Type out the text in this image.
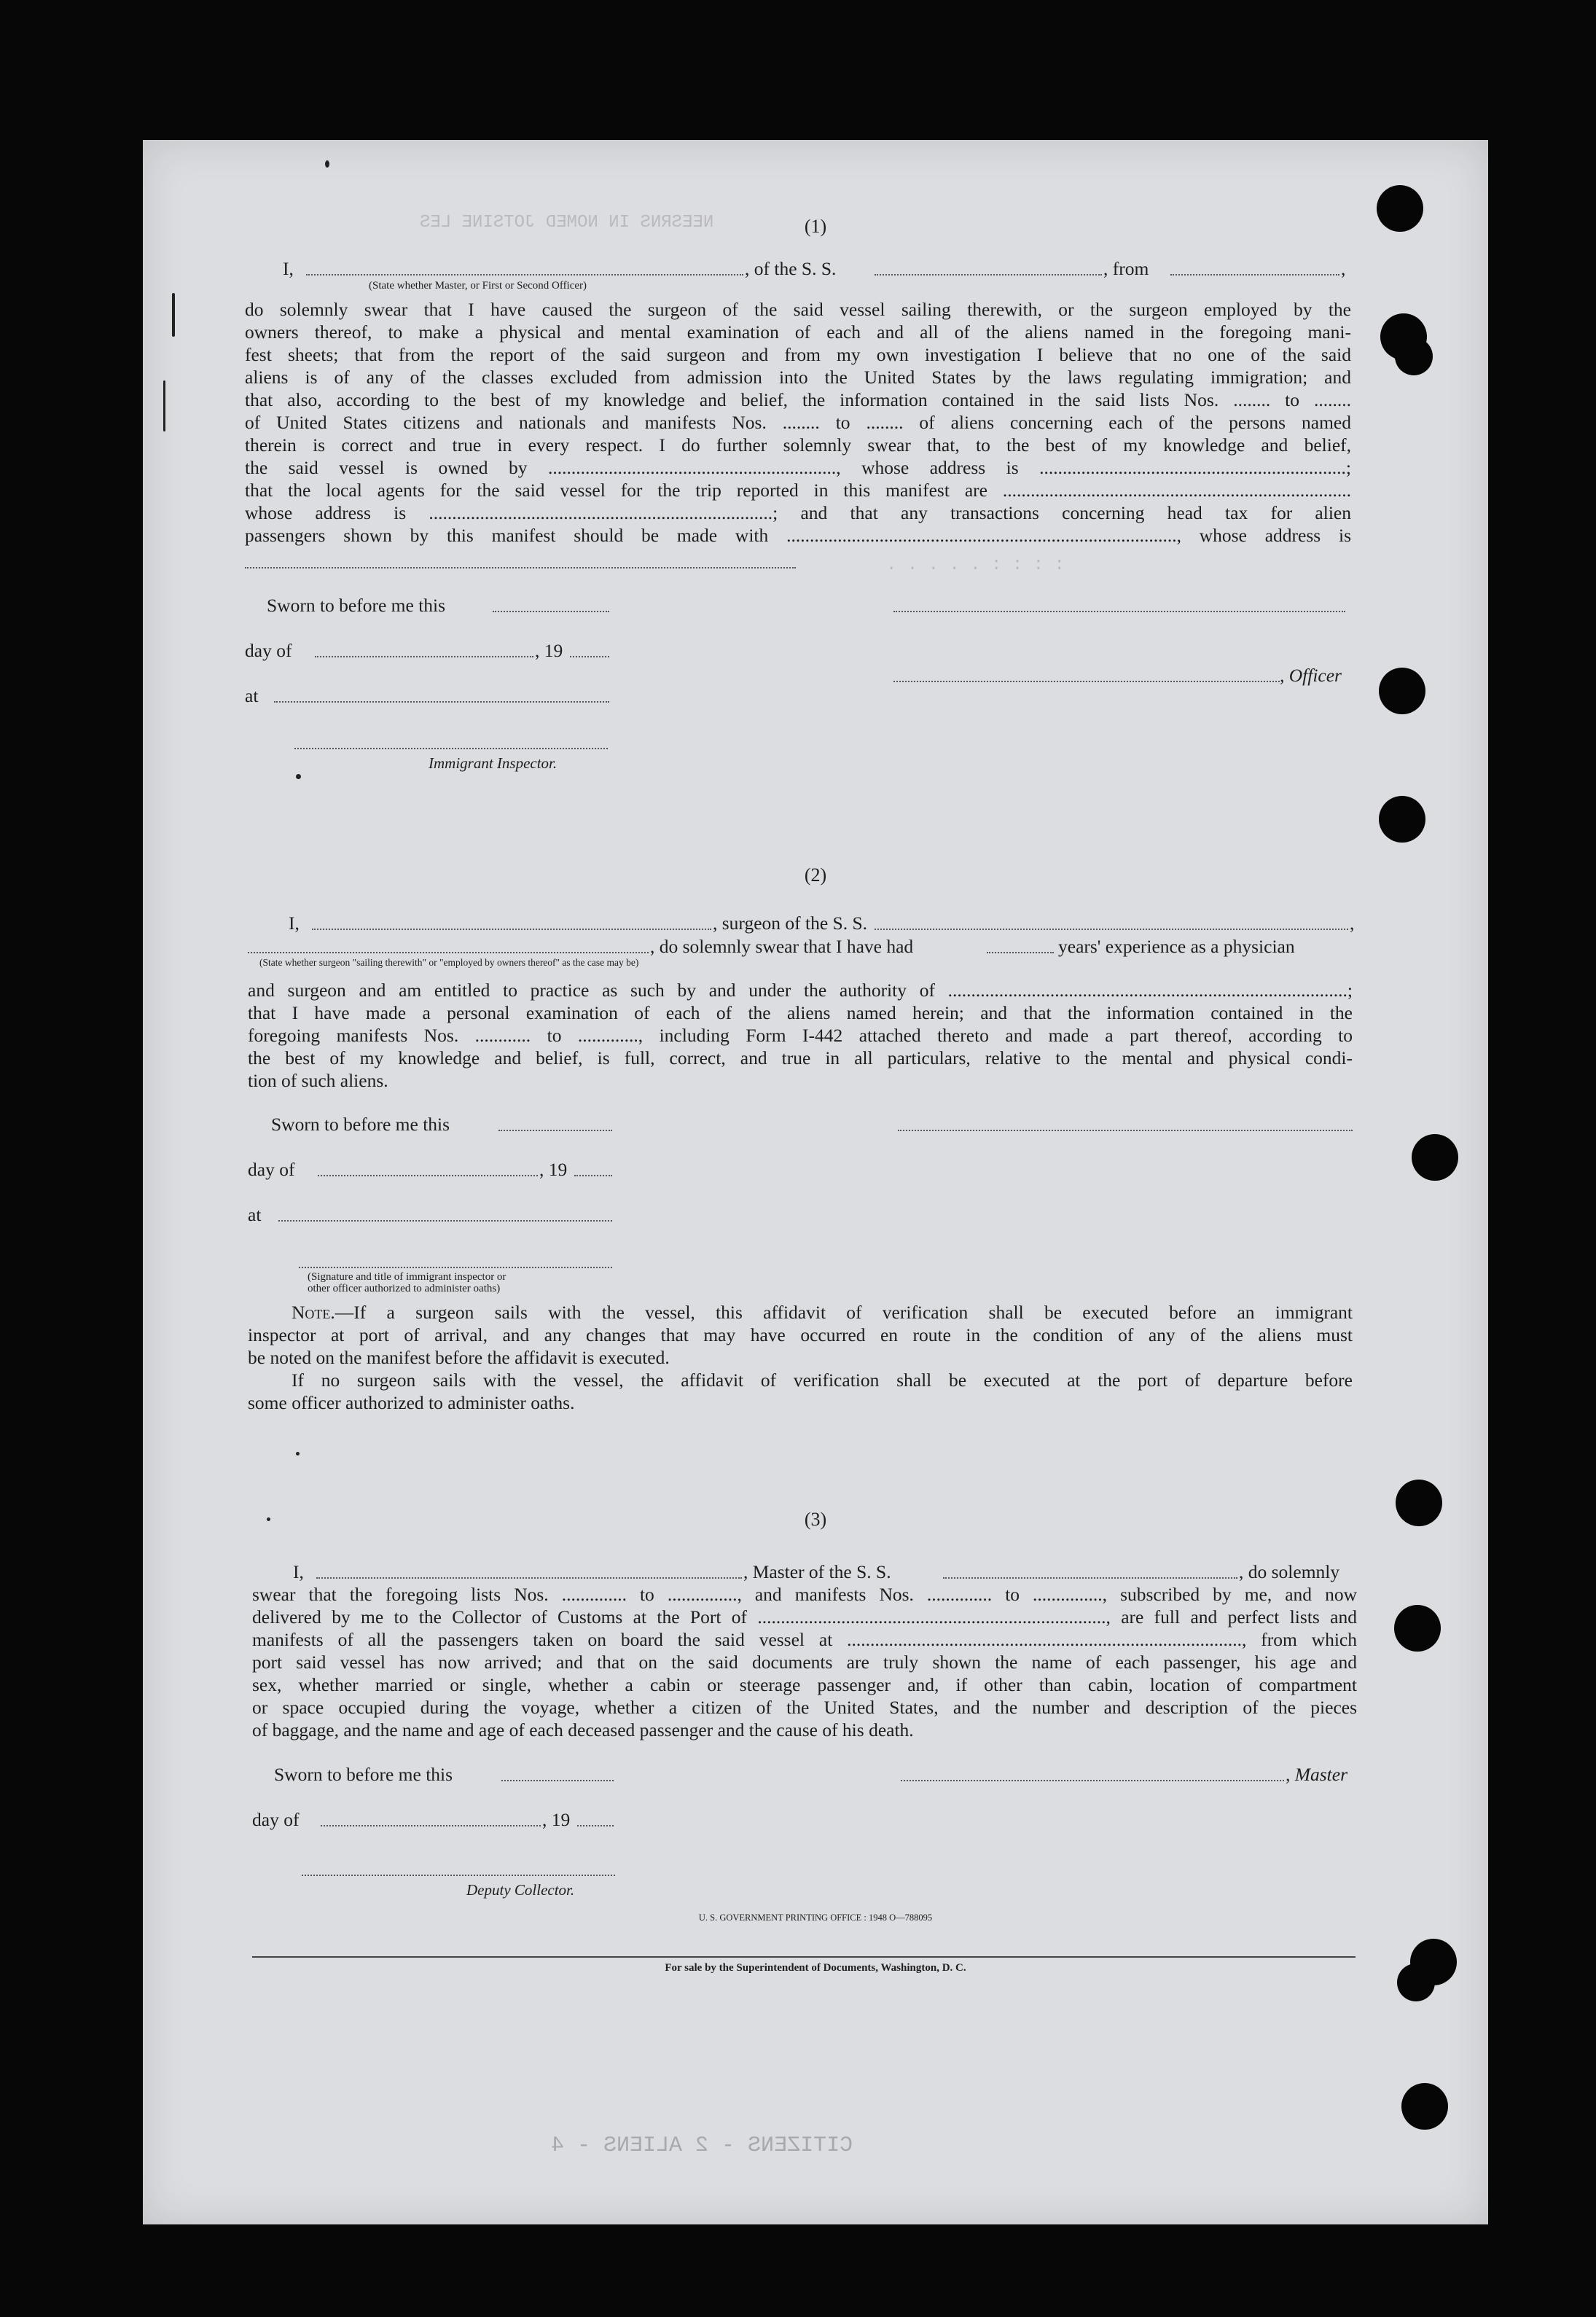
NEESRNS IN NOMED JOTSINE LES
. . . . . : : : :
CITIZENS - 2 ALIENS - 4
(1)
I,	, of the S. S.	, from	,
(State whether Master, or First or Second Officer)
do solemnly swear that I have caused the surgeon of the said vessel sailing therewith, or the surgeon employed by the
owners thereof, to make a physical and mental examination of each and all of the aliens named in the foregoing mani-
fest sheets; that from the report of the said surgeon and from my own investigation I believe that no one of the said
aliens is of any of the classes excluded from admission into the United States by the laws regulating immigration; and
that also, according to the best of my knowledge and belief, the information contained in the said lists Nos. ........ to ........
of United States citizens and nationals and manifests Nos. ........ to ........ of aliens concerning each of the persons named
therein is correct and true in every respect. I do further solemnly swear that, to the best of my knowledge and belief,
the said vessel is owned by .............................................................., whose address is ..................................................................;
that the local agents for the said vessel for the trip reported in this manifest are ...........................................................................
whose address is ..........................................................................; and that any transactions concerning head tax for alien
passengers shown by this manifest should be made with ...................................................................................., whose address is
Sworn to before me this
day of	, 19
, Officer
at
Immigrant Inspector.
(2)
I,	, surgeon of the S. S.	,
, do solemnly swear that I have had	years' experience as a physician
(State whether surgeon "sailing therewith" or "employed by owners thereof" as the case may be)
and surgeon and am entitled to practice as such by and under the authority of ......................................................................................;
that I have made a personal examination of each of the aliens named herein; and that the information contained in the
foregoing manifests Nos. ............ to ............., including Form I-442 attached thereto and made a part thereof, according to
the best of my knowledge and belief, is full, correct, and true in all particulars, relative to the mental and physical condi-
tion of such aliens.
Sworn to before me this
day of	, 19
at
(Signature and title of immigrant inspector or
other officer authorized to administer oaths)
Note.—If a surgeon sails with the vessel, this affidavit of verification shall be executed before an immigrant
inspector at port of arrival, and any changes that may have occurred en route in the condition of any of the aliens must
be noted on the manifest before the affidavit is executed.
If no surgeon sails with the vessel, the affidavit of verification shall be executed at the port of departure before
some officer authorized to administer oaths.
(3)
I,	, Master of the S. S.	, do solemnly
swear that the foregoing lists Nos. .............. to ..............., and manifests Nos. .............. to ..............., subscribed by me, and now
delivered by me to the Collector of Customs at the Port of ..........................................................................., are full and perfect lists and
manifests of all the passengers taken on board the said vessel at ....................................................................................., from which
port said vessel has now arrived; and that on the said documents are truly shown the name of each passenger, his age and
sex, whether married or single, whether a cabin or steerage passenger and, if other than cabin, location of compartment
or space occupied during the voyage, whether a citizen of the United States, and the number and description of the pieces
of baggage, and the name and age of each deceased passenger and the cause of his death.
Sworn to before me this	, Master
day of	, 19
Deputy Collector.
U. S. GOVERNMENT PRINTING OFFICE : 1948 O—788095
For sale by the Superintendent of Documents, Washington, D. C.
